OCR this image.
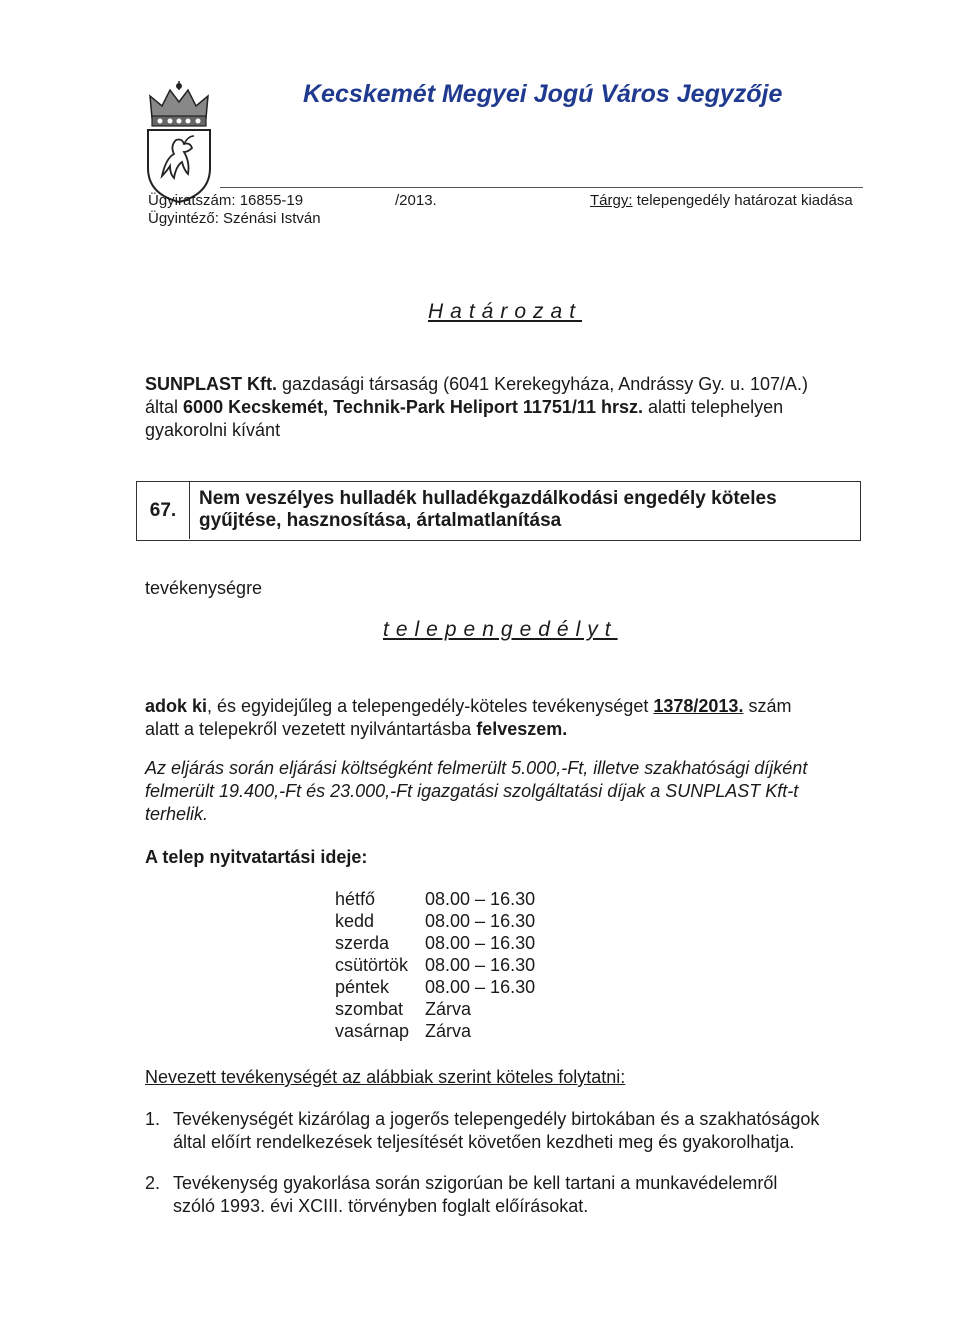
Kecskemét Megyei Jogú Város Jegyzője
Ügyiratszám: 16855-19	/2013.	Tárgy: telepengedély határozat kiadása
Ügyintéző: Szénási István
Határozat
SUNPLAST Kft. gazdasági társaság (6041 Kerekegyháza, Andrássy Gy. u. 107/A.)
által 6000 Kecskemét, Technik-Park Heliport 11751/11 hrsz. alatti telephelyen
gyakorolni kívánt
67.
Nem veszélyes hulladék hulladékgazdálkodási engedély köteles
gyűjtése, hasznosítása, ártalmatlanítása
tevékenységre
telepengedélyt
adok ki, és egyidejűleg a telepengedély-köteles tevékenységet 1378/2013. szám
alatt a telepekről vezetett nyilvántartásba felveszem.
Az eljárás során eljárási költségként felmerült 5.000,-Ft, illetve szakhatósági díjként
felmerült 19.400,-Ft és 23.000,-Ft igazgatási szolgáltatási díjak a SUNPLAST Kft-t
terhelik.
A telep nyitvatartási ideje:
hétfő	08.00 – 16.30
kedd	08.00 – 16.30
szerda 08.00 – 16.30
csütörtök 08.00 – 16.30
péntek 08.00 – 16.30
szombat Zárva
vasárnap Zárva
Nevezett tevékenységét az alábbiak szerint köteles folytatni:
1. Tevékenységét kizárólag a jogerős telepengedély birtokában és a szakhatóságok
által előírt rendelkezések teljesítését követően kezdheti meg és gyakorolhatja.
2. Tevékenység gyakorlása során szigorúan be kell tartani a munkavédelemről
szóló 1993. évi XCIII. törvényben foglalt előírásokat.
